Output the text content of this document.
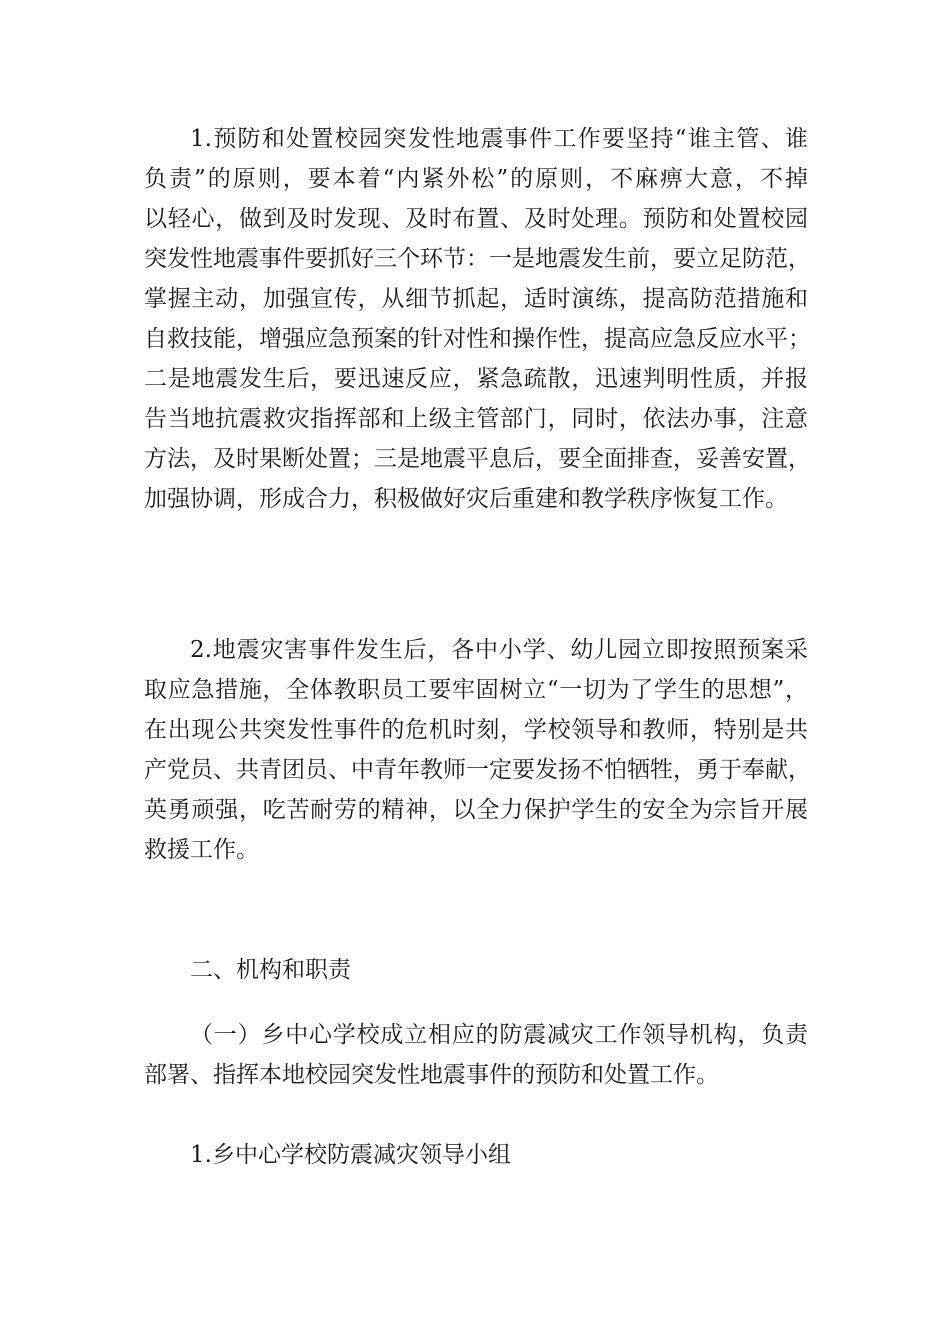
1.预防和处置校园突发性地震事件工作要坚持“谁主管、谁
负责”的原则，要本着“内紧外松”的原则，不麻痹大意，不掉
以轻心，做到及时发现、及时布置、及时处理。预防和处置校园
突发性地震事件要抓好三个环节：一是地震发生前，要立足防范，
掌握主动，加强宣传，从细节抓起，适时演练，提高防范措施和
自救技能，增强应急预案的针对性和操作性，提高应急反应水平；
二是地震发生后，要迅速反应，紧急疏散，迅速判明性质，并报
告当地抗震救灾指挥部和上级主管部门，同时，依法办事，注意
方法，及时果断处置；三是地震平息后，要全面排查，妥善安置，
加强协调，形成合力，积极做好灾后重建和教学秩序恢复工作。
2.地震灾害事件发生后，各中小学、幼儿园立即按照预案采
取应急措施，全体教职员工要牢固树立“一切为了学生的思想”，
在出现公共突发性事件的危机时刻，学校领导和教师，特别是共
产党员、共青团员、中青年教师一定要发扬不怕牺牲，勇于奉献，
英勇顽强，吃苦耐劳的精神，以全力保护学生的安全为宗旨开展
救援工作。
二、机构和职责
（一）乡中心学校成立相应的防震减灾工作领导机构，负责
部署、指挥本地校园突发性地震事件的预防和处置工作。
1.乡中心学校防震减灾领导小组
